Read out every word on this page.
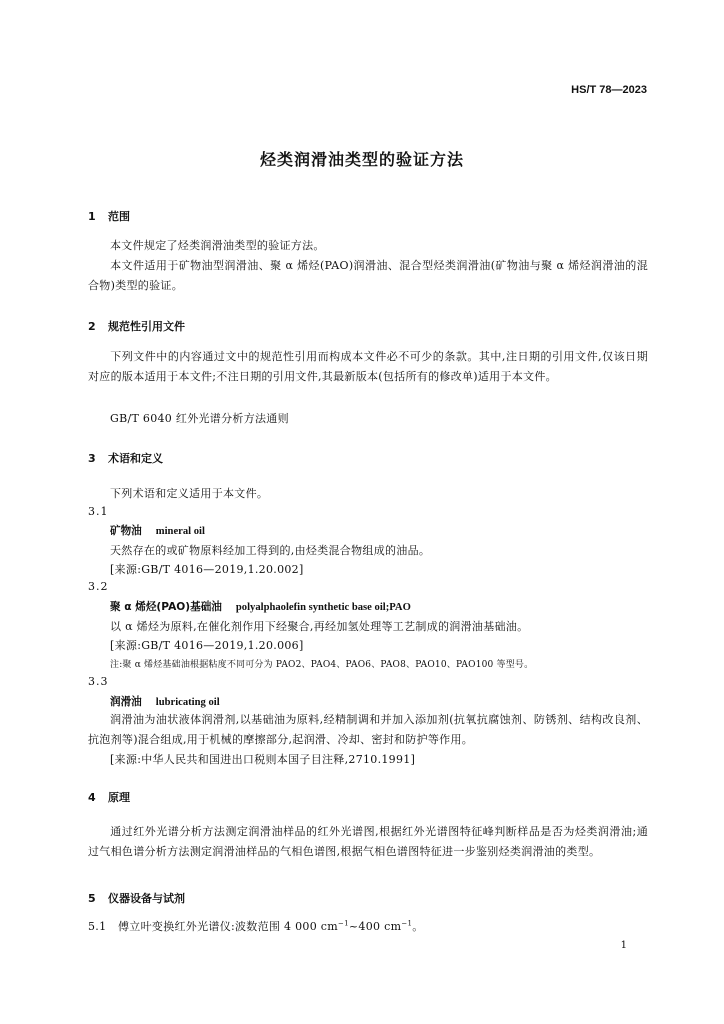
HS/T 78—2023
烃类润滑油类型的验证方法
1 范围
本文件规定了烃类润滑油类型的验证方法。
本文件适用于矿物油型润滑油、聚 α 烯烃(PAO)润滑油、混合型烃类润滑油(矿物油与聚 α 烯烃润滑油的混合物)类型的验证。
2 规范性引用文件
下列文件中的内容通过文中的规范性引用而构成本文件必不可少的条款。其中,注日期的引用文件,仅该日期对应的版本适用于本文件;不注日期的引用文件,其最新版本(包括所有的修改单)适用于本文件。
GB/T 6040 红外光谱分析方法通则
3 术语和定义
下列术语和定义适用于本文件。
3.1
矿物油 mineral oil
天然存在的或矿物原料经加工得到的,由烃类混合物组成的油品。
[来源:GB/T 4016—2019,1.20.002]
3.2
聚 α 烯烃(PAO)基础油 polyalphaolefin synthetic base oil;PAO
以 α 烯烃为原料,在催化剂作用下经聚合,再经加氢处理等工艺制成的润滑油基础油。
[来源:GB/T 4016—2019,1.20.006]
注:聚 α 烯烃基础油根据粘度不同可分为 PAO2、PAO4、PAO6、PAO8、PAO10、PAO100 等型号。
3.3
润滑油 lubricating oil
润滑油为油状液体润滑剂,以基础油为原料,经精制调和并加入添加剂(抗氧抗腐蚀剂、防锈剂、结构改良剂、抗泡剂等)混合组成,用于机械的摩擦部分,起润滑、冷却、密封和防护等作用。
[来源:中华人民共和国进出口税则本国子目注释,2710.1991]
4 原理
通过红外光谱分析方法测定润滑油样品的红外光谱图,根据红外光谱图特征峰判断样品是否为烃类润滑油;通过气相色谱分析方法测定润滑油样品的气相色谱图,根据气相色谱图特征进一步鉴别烃类润滑油的类型。
5 仪器设备与试剂
5.1 傅立叶变换红外光谱仪:波数范围 4 000 $cm^{-1}\sim 400$ $cm^{-1}$。
1
